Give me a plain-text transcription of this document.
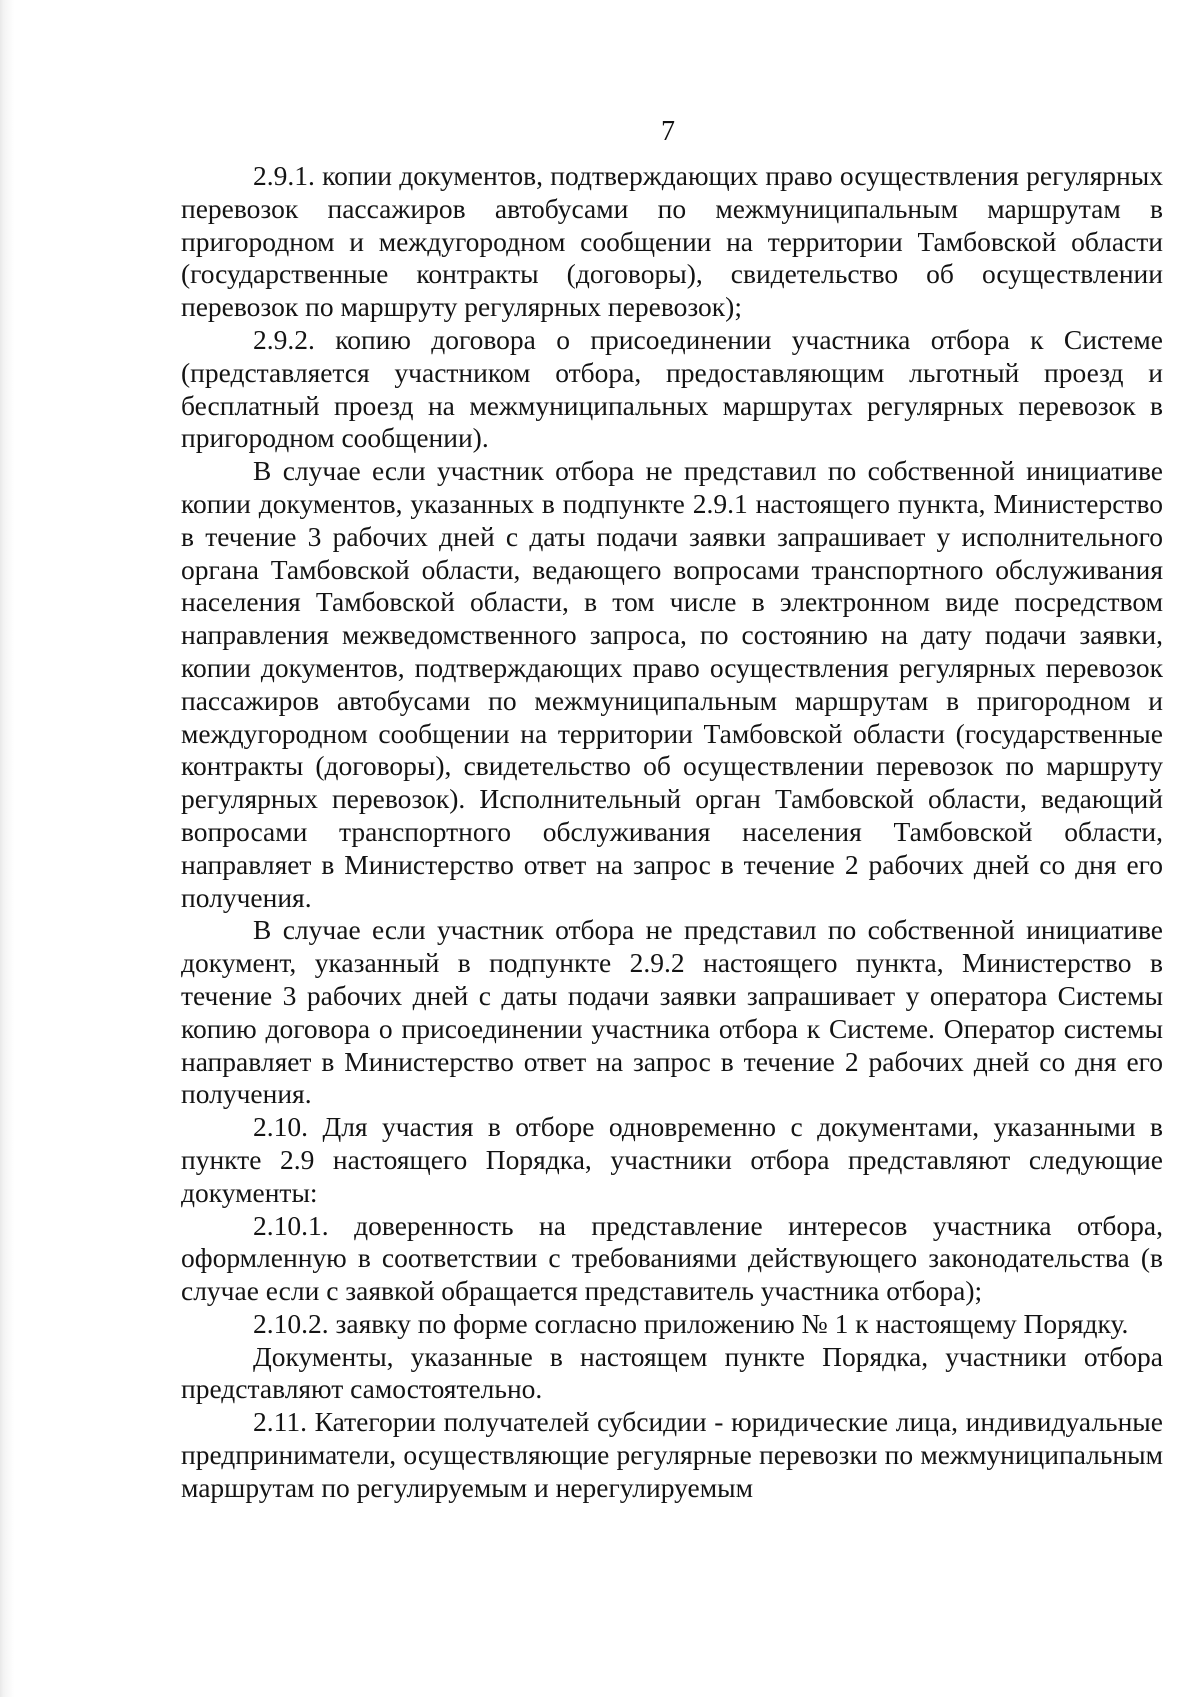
7

2.9.1. копии документов, подтверждающих право осуществления регулярных перевозок пассажиров автобусами по межмуниципальным маршрутам в пригородном и междугородном сообщении на территории Тамбовской области (государственные контракты (договоры), свидетельство об осуществлении перевозок по маршруту регулярных перевозок);

2.9.2. копию договора о присоединении участника отбора к Системе (представляется участником отбора, предоставляющим льготный проезд и бесплатный проезд на межмуниципальных маршрутах регулярных перевозок в пригородном сообщении).

В случае если участник отбора не представил по собственной инициативе копии документов, указанных в подпункте 2.9.1 настоящего пункта, Министерство в течение 3 рабочих дней с даты подачи заявки запрашивает у исполнительного органа Тамбовской области, ведающего вопросами транспортного обслуживания населения Тамбовской области, в том числе в электронном виде посредством направления межведомственного запроса, по состоянию на дату подачи заявки, копии документов, подтверждающих право осуществления регулярных перевозок пассажиров автобусами по межмуниципальным маршрутам в пригородном и междугородном сообщении на территории Тамбовской области (государственные контракты (договоры), свидетельство об осуществлении перевозок по маршруту регулярных перевозок). Исполнительный орган Тамбовской области, ведающий вопросами транспортного обслуживания населения Тамбовской области, направляет в Министерство ответ на запрос в течение 2 рабочих дней со дня его получения.

В случае если участник отбора не представил по собственной инициативе документ, указанный в подпункте 2.9.2 настоящего пункта, Министерство в течение 3 рабочих дней с даты подачи заявки запрашивает у оператора Системы копию договора о присоединении участника отбора к Системе. Оператор системы направляет в Министерство ответ на запрос в течение 2 рабочих дней со дня его получения.

2.10. Для участия в отборе одновременно с документами, указанными в пункте 2.9 настоящего Порядка, участники отбора представляют следующие документы:

2.10.1. доверенность на представление интересов участника отбора, оформленную в соответствии с требованиями действующего законодательства (в случае если с заявкой обращается представитель участника отбора);

2.10.2. заявку по форме согласно приложению № 1 к настоящему Порядку.

Документы, указанные в настоящем пункте Порядка, участники отбора представляют самостоятельно.

2.11. Категории получателей субсидии - юридические лица, индивидуальные предприниматели, осуществляющие регулярные перевозки по межмуниципальным маршрутам по регулируемым и нерегулируемым
